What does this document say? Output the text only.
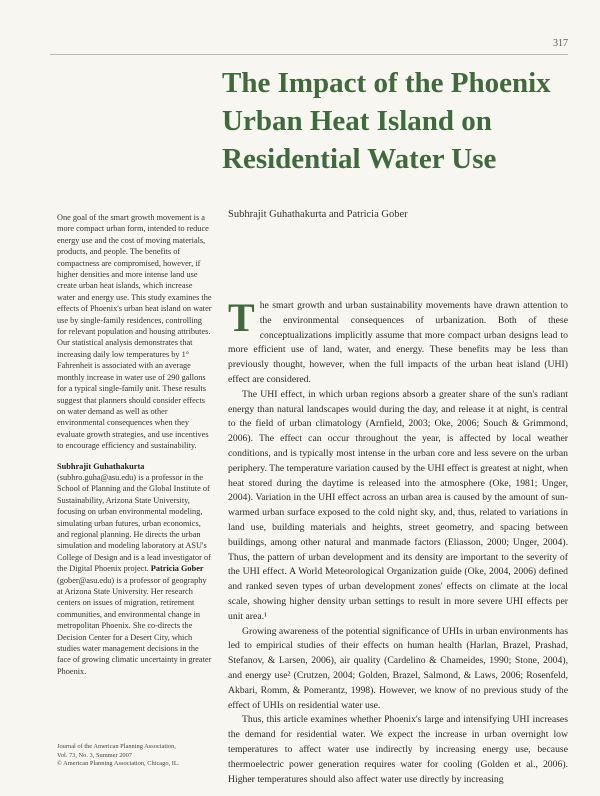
317
The Impact of the Phoenix Urban Heat Island on Residential Water Use
Subhrajit Guhathakurta and Patricia Gober

One goal of the smart growth movement is a more compact urban form, intended to reduce energy use and the cost of moving materials, products, and people. The benefits of compactness are compromised, however, if higher densities and more intense land use create urban heat islands, which increase water and energy use. This study examines the effects of Phoenix's urban heat island on water use by single-family residences, controlling for relevant population and housing attributes. Our statistical analysis demonstrates that increasing daily low temperatures by 1° Fahrenheit is associated with an average monthly increase in water use of 290 gallons for a typical single-family unit. These results suggest that planners should consider effects on water demand as well as other environmental consequences when they evaluate growth strategies, and use incentives to encourage efficiency and sustainability.

Subhrajit Guhathakurta (subhro.guha@asu.edu) is a professor in the School of Planning and the Global Institute of Sustainability, Arizona State University, focusing on urban environmental modeling, simulating urban futures, urban economics, and regional planning. He directs the urban simulation and modeling laboratory at ASU's College of Design and is a lead investigator of the Digital Phoenix project. Patricia Gober (gober@asu.edu) is a professor of geography at Arizona State University. Her research centers on issues of migration, retirement communities, and environmental change in metropolitan Phoenix. She co-directs the Decision Center for a Desert City, which studies water management decisions in the face of growing climatic uncertainty in greater Phoenix.

Journal of the American Planning Association,
Vol. 73, No. 3, Summer 2007
© American Planning Association, Chicago, IL.

The smart growth and urban sustainability movements have drawn attention to the environmental consequences of urbanization. Both of these conceptualizations implicitly assume that more compact urban designs lead to more efficient use of land, water, and energy. These benefits may be less than previously thought, however, when the full impacts of the urban heat island (UHI) effect are considered.

The UHI effect, in which urban regions absorb a greater share of the sun's radiant energy than natural landscapes would during the day, and release it at night, is central to the field of urban climatology (Arnfield, 2003; Oke, 2006; Souch & Grimmond, 2006). The effect can occur throughout the year, is affected by local weather conditions, and is typically most intense in the urban core and less severe on the urban periphery. The temperature variation caused by the UHI effect is greatest at night, when heat stored during the daytime is released into the atmosphere (Oke, 1981; Unger, 2004). Variation in the UHI effect across an urban area is caused by the amount of sun-warmed urban surface exposed to the cold night sky, and, thus, related to variations in land use, building materials and heights, street geometry, and spacing between buildings, among other natural and manmade factors (Eliasson, 2000; Unger, 2004). Thus, the pattern of urban development and its density are important to the severity of the UHI effect. A World Meteorological Organization guide (Oke, 2004, 2006) defined and ranked seven types of urban development zones' effects on climate at the local scale, showing higher density urban settings to result in more severe UHI effects per unit area.¹

Growing awareness of the potential significance of UHIs in urban environments has led to empirical studies of their effects on human health (Harlan, Brazel, Prashad, Stefanov, & Larsen, 2006), air quality (Cardelino & Chameides, 1990; Stone, 2004), and energy use² (Crutzen, 2004; Golden, Brazel, Salmond, & Laws, 2006; Rosenfeld, Akbari, Romm, & Pomerantz, 1998). However, we know of no previous study of the effect of UHIs on residential water use.

Thus, this article examines whether Phoenix's large and intensifying UHI increases the demand for residential water. We expect the increase in urban overnight low temperatures to affect water use indirectly by increasing energy use, because thermoelectric power generation requires water for cooling (Golden et al., 2006). Higher temperatures should also affect water use directly by increasing
